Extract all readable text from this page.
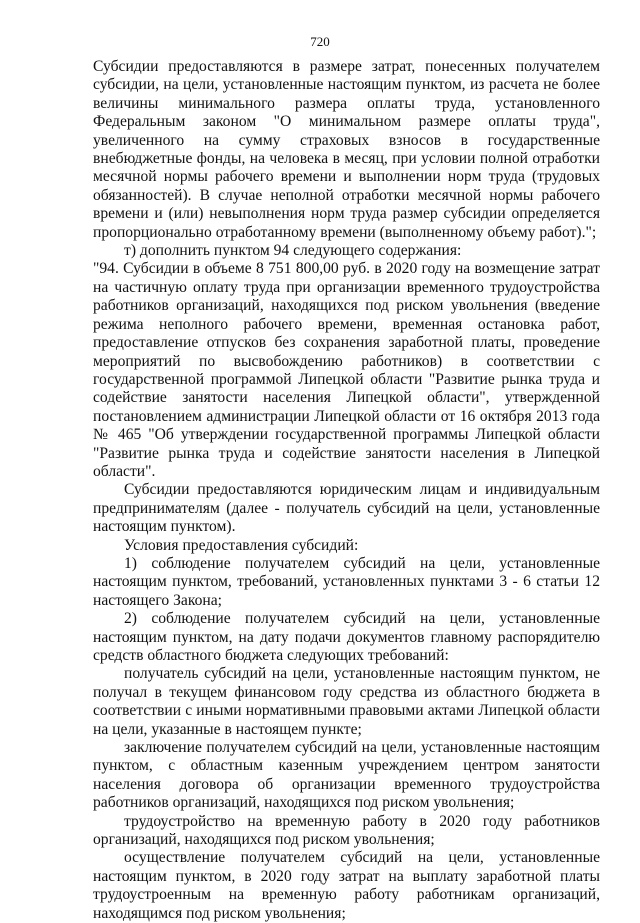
720

Субсидии предоставляются в размере затрат, понесенных получателем субсидии, на цели, установленные настоящим пунктом, из расчета не более величины минимального размера оплаты труда, установленного Федеральным законом "О минимальном размере оплаты труда", увеличенного на сумму страховых взносов в государственные внебюджетные фонды, на человека в месяц, при условии полной отработки месячной нормы рабочего времени и выполнении норм труда (трудовых обязанностей). В случае неполной отработки месячной нормы рабочего времени и (или) невыполнения норм труда размер субсидии определяется пропорционально отработанному времени (выполненному объему работ).";

т) дополнить пунктом 94 следующего содержания:

"94. Субсидии в объеме 8 751 800,00 руб. в 2020 году на возмещение затрат на частичную оплату труда при организации временного трудоустройства работников организаций, находящихся под риском увольнения (введение режима неполного рабочего времени, временная остановка работ, предоставление отпусков без сохранения заработной платы, проведение мероприятий по высвобождению работников) в соответствии с государственной программой Липецкой области "Развитие рынка труда и содействие занятости населения Липецкой области", утвержденной постановлением администрации Липецкой области от 16 октября 2013 года № 465 "Об утверждении государственной программы Липецкой области "Развитие рынка труда и содействие занятости населения в Липецкой области".

Субсидии предоставляются юридическим лицам и индивидуальным предпринимателям (далее - получатель субсидий на цели, установленные настоящим пунктом).

Условия предоставления субсидий:

1) соблюдение получателем субсидий на цели, установленные настоящим пунктом, требований, установленных пунктами 3 - 6 статьи 12 настоящего Закона;

2) соблюдение получателем субсидий на цели, установленные настоящим пунктом, на дату подачи документов главному распорядителю средств областного бюджета следующих требований:

получатель субсидий на цели, установленные настоящим пунктом, не получал в текущем финансовом году средства из областного бюджета в соответствии с иными нормативными правовыми актами Липецкой области на цели, указанные в настоящем пункте;

заключение получателем субсидий на цели, установленные настоящим пунктом, с областным казенным учреждением центром занятости населения договора об организации временного трудоустройства работников организаций, находящихся под риском увольнения;

трудоустройство на временную работу в 2020 году работников организаций, находящихся под риском увольнения;

осуществление получателем субсидий на цели, установленные настоящим пунктом, в 2020 году затрат на выплату заработной платы трудоустроенным на временную работу работникам организаций, находящимся под риском увольнения;
